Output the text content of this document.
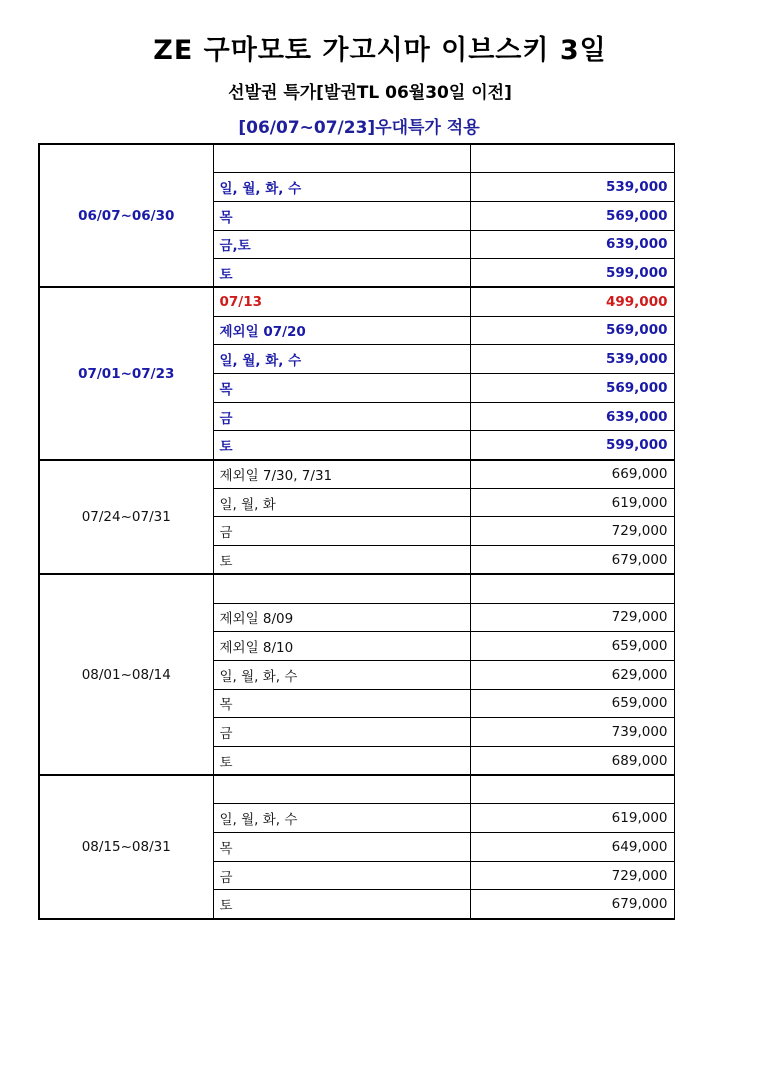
ZE 구마모토 가고시마 이브스키 3일
선발권 특가[발권TL 06월30일 이전]
[06/07~07/23]우대특가 적용
06/07~06/30		
	일, 월, 화, 수	539,000
	목	569,000
	금,토	639,000
	토	599,000
07/01~07/23	07/13	499,000
	제외일 07/20	569,000
	일, 월, 화, 수	539,000
	목	569,000
	금	639,000
	토	599,000
07/24~07/31	제외일 7/30, 7/31	669,000
	일, 월, 화	619,000
	금	729,000
	토	679,000
08/01~08/14		
	제외일 8/09	729,000
	제외일 8/10	659,000
	일, 월, 화, 수	629,000
	목	659,000
	금	739,000
	토	689,000
08/15~08/31		
	일, 월, 화, 수	619,000
	목	649,000
	금	729,000
	토	679,000
